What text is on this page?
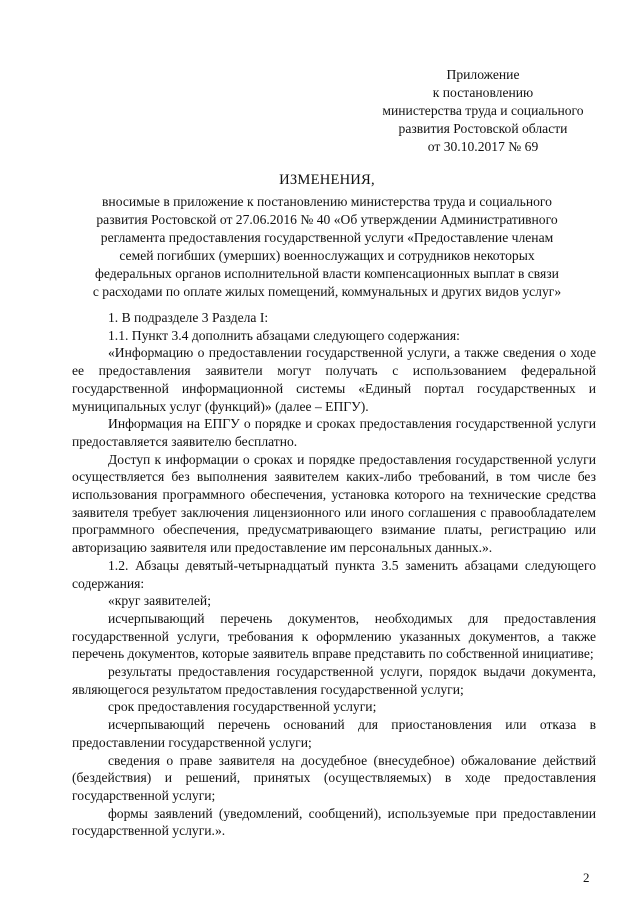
Приложение
к постановлению
министерства труда и социального
развития Ростовской области
от 30.10.2017 № 69
ИЗМЕНЕНИЯ,
вносимые в приложение к постановлению министерства труда и социального
развития Ростовской от 27.06.2016 № 40 «Об утверждении Административного
регламента предоставления государственной услуги «Предоставление членам
семей погибших (умерших) военнослужащих и сотрудников некоторых
федеральных органов исполнительной власти компенсационных выплат в связи
с расходами по оплате жилых помещений, коммунальных и других видов услуг»

1. В подразделе 3 Раздела I:

1.1. Пункт 3.4 дополнить абзацами следующего содержания:

«Информацию о предоставлении государственной услуги, а также сведения о ходе ее предоставления заявители могут получать с использованием федеральной государственной информационной системы «Единый портал государственных и муниципальных услуг (функций)» (далее – ЕПГУ).

Информация на ЕПГУ о порядке и сроках предоставления государственной услуги предоставляется заявителю бесплатно.

Доступ к информации о сроках и порядке предоставления государственной услуги осуществляется без выполнения заявителем каких-либо требований, в том числе без использования программного обеспечения, установка которого на технические средства заявителя требует заключения лицензионного или иного соглашения с правообладателем программного обеспечения, предусматривающего взимание платы, регистрацию или авторизацию заявителя или предоставление им персональных данных.».

1.2. Абзацы девятый-четырнадцатый пункта 3.5 заменить абзацами следующего содержания:

«круг заявителей;

исчерпывающий перечень документов, необходимых для предоставления государственной услуги, требования к оформлению указанных документов, а также перечень документов, которые заявитель вправе представить по собственной инициативе;

результаты предоставления государственной услуги, порядок выдачи документа, являющегося результатом предоставления государственной услуги;

срок предоставления государственной услуги;

исчерпывающий перечень оснований для приостановления или отказа в предоставлении государственной услуги;

сведения о праве заявителя на досудебное (внесудебное) обжалование действий (бездействия) и решений, принятых (осуществляемых) в ходе предоставления государственной услуги;

формы заявлений (уведомлений, сообщений), используемые при предоставлении государственной услуги.».

2
